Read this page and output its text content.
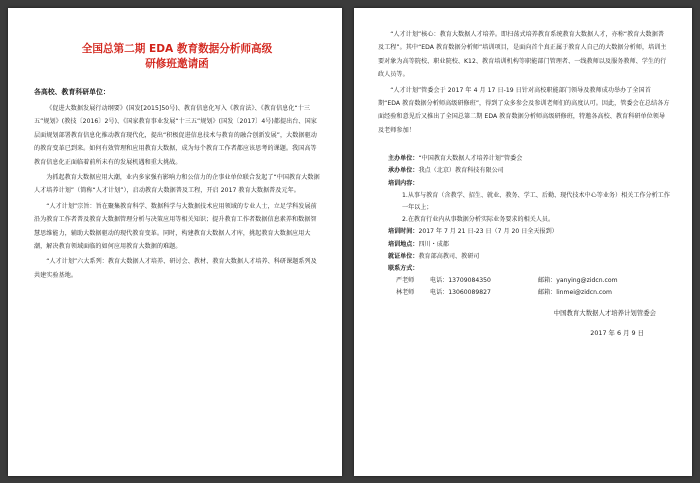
全国总第二期 EDA 教育数据分析师高级
研修班邀请函

各高校、教育科研单位：

《促进大数据发展行动纲要》(国发[2015]50号)、教育信息化写入《教育法》、《教育信息化“十三五”规划》(教技〔2016〕2号)、《国家教育事业发展“十三五”规划》(国发〔2017〕4号)都提出台、国家层面规划部署教育信息化推动教育现代化，提出“积极促进信息技术与教育的融合创新发展”，大数据驱动的教育变革已到来。如何有效管理和应用教育大数据，成为每个教育工作者都应该思考的课题。我国高等教育信息化正面临着前所未有的发展机遇和重大挑战。

为抓起教育大数据应用大潮，业内多家强有影响力和公信力的企事业单位联合发起了“中国教育大数据人才培养计划”（简称“人才计划”），启动教育大数据普及工程，开启 2017 教育大数据普及元年。

“人才计划”宗旨：旨在聚集教育科学、数据科学与大数据技术应用领域的专业人士，立足学科发展前沿为教育工作者普及教育大数据管理分析与决策应用等相关知识；提升教育工作者数据信息素养和数据智慧思维能力，辅助大数据驱动的现代教育变革。同时，构建教育大数据人才库，挑起教育大数据应用大潮，解决教育领域面临的如何应用教育大数据的难题。

“人才计划”六大系列：教育大数据人才培养、研讨会、教材、教育大数据人才培养、科研课题系列及共建实验基地。

“人才计划”核心：教育大数据人才培养。即扫荡式培养教育系统教育大数据人才，亦称“教育大数据普及工程”。其中“EDA 教育数据分析师”培训项目，是面向首个真正属于教育人自己的大数据分析师，培训主要对象为高等院校、职业院校、K12、教育培训机构等职能部门管理者、一线教师以及服务教师、学生的行政人员等。

“人才计划”管委会于 2017 年 4 月 17 日-19 日针对高校职能部门领导及教师成功举办了全国首期“EDA 教育数据分析师高级研修班”，得到了众多参会及参训老师们的高度认可。因此，管委会在总结各方面经验和意见后又推出了全国总第二期 EDA 教育数据分析师高级研修班，特邀各高校、教育科研单位领导及老师参加！

主办单位： “中国教育大数据人才培养计划”管委会
承办单位： 我点（北京）教育科技有限公司
培训内容：
1.从事与教育（含教学、招生、就业、教务、学工、后勤、现代技术中心等业务）相关工作分析工作一年以上；
2.在教育行业内从事数据分析实际业务要求的相关人员。
培训时间： 2017 年 7 月 21 日-23 日（7 月 20 日全天报到）
培训地点： 四川・成都
就证单位： 教育部高教司、教研司
联系方式：
严老师	电话：13709084350	邮箱：yanying@zidcn.com
林老师	电话：13060089827	邮箱：linmei@zidcn.com
中国教育大数据人才培养计划管委会
2017 年 6 月 9 日
